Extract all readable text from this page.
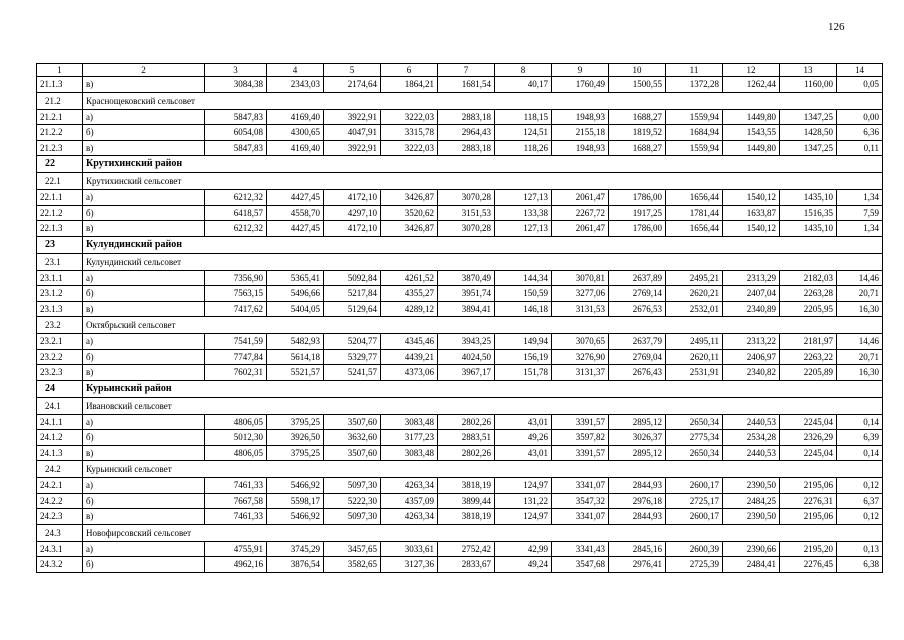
126
1	2	3	4	5	6	7	8	9	10	11	12	13	14
21.1.3	в)	3084,38	2343,03	2174,64	1864,21	1681,54	40,17	1760,49	1500,55	1372,28	1262,44	1160,00	0,05
21.2	Краснощековский сельсовет												
21.2.1	а)	5847,83	4169,40	3922,91	3222,03	2883,18	118,15	1948,93	1688,27	1559,94	1449,80	1347,25	0,00
21.2.2	б)	6054,08	4300,65	4047,91	3315,78	2964,43	124,51	2155,18	1819,52	1684,94	1543,55	1428,50	6,36
21.2.3	в)	5847,83	4169,40	3922,91	3222,03	2883,18	118,26	1948,93	1688,27	1559,94	1449,80	1347,25	0,11
22	Крутихинский район												
22.1	Крутихинский сельсовет												
22.1.1	а)	6212,32	4427,45	4172,10	3426,87	3070,28	127,13	2061,47	1786,00	1656,44	1540,12	1435,10	1,34
22.1.2	б)	6418,57	4558,70	4297,10	3520,62	3151,53	133,38	2267,72	1917,25	1781,44	1633,87	1516,35	7,59
22.1.3	в)	6212,32	4427,45	4172,10	3426,87	3070,28	127,13	2061,47	1786,00	1656,44	1540,12	1435,10	1,34
23	Кулундинский район												
23.1	Кулундинский сельсовет												
23.1.1	а)	7356,90	5365,41	5092,84	4261,52	3870,49	144,34	3070,81	2637,89	2495,21	2313,29	2182,03	14,46
23.1.2	б)	7563,15	5496,66	5217,84	4355,27	3951,74	150,59	3277,06	2769,14	2620,21	2407,04	2263,28	20,71
23.1.3	в)	7417,62	5404,05	5129,64	4289,12	3894,41	146,18	3131,53	2676,53	2532,01	2340,89	2205,95	16,30
23.2	Октябрьский сельсовет												
23.2.1	а)	7541,59	5482,93	5204,77	4345,46	3943,25	149,94	3070,65	2637,79	2495,11	2313,22	2181,97	14,46
23.2.2	б)	7747,84	5614,18	5329,77	4439,21	4024,50	156,19	3276,90	2769,04	2620,11	2406,97	2263,22	20,71
23.2.3	в)	7602,31	5521,57	5241,57	4373,06	3967,17	151,78	3131,37	2676,43	2531,91	2340,82	2205,89	16,30
24	Курьинский район												
24.1	Ивановский сельсовет												
24.1.1	а)	4806,05	3795,25	3507,60	3083,48	2802,26	43,01	3391,57	2895,12	2650,34	2440,53	2245,04	0,14
24.1.2	б)	5012,30	3926,50	3632,60	3177,23	2883,51	49,26	3597,82	3026,37	2775,34	2534,28	2326,29	6,39
24.1.3	в)	4806,05	3795,25	3507,60	3083,48	2802,26	43,01	3391,57	2895,12	2650,34	2440,53	2245,04	0,14
24.2	Курьинский сельсовет												
24.2.1	а)	7461,33	5466,92	5097,30	4263,34	3818,19	124,97	3341,07	2844,93	2600,17	2390,50	2195,06	0,12
24.2.2	б)	7667,58	5598,17	5222,30	4357,09	3899,44	131,22	3547,32	2976,18	2725,17	2484,25	2276,31	6,37
24.2.3	в)	7461,33	5466,92	5097,30	4263,34	3818,19	124,97	3341,07	2844,93	2600,17	2390,50	2195,06	0,12
24.3	Новофирсовский сельсовет												
24.3.1	а)	4755,91	3745,29	3457,65	3033,61	2752,42	42,99	3341,43	2845,16	2600,39	2390,66	2195,20	0,13
24.3.2	б)	4962,16	3876,54	3582,65	3127,36	2833,67	49,24	3547,68	2976,41	2725,39	2484,41	2276,45	6,38
